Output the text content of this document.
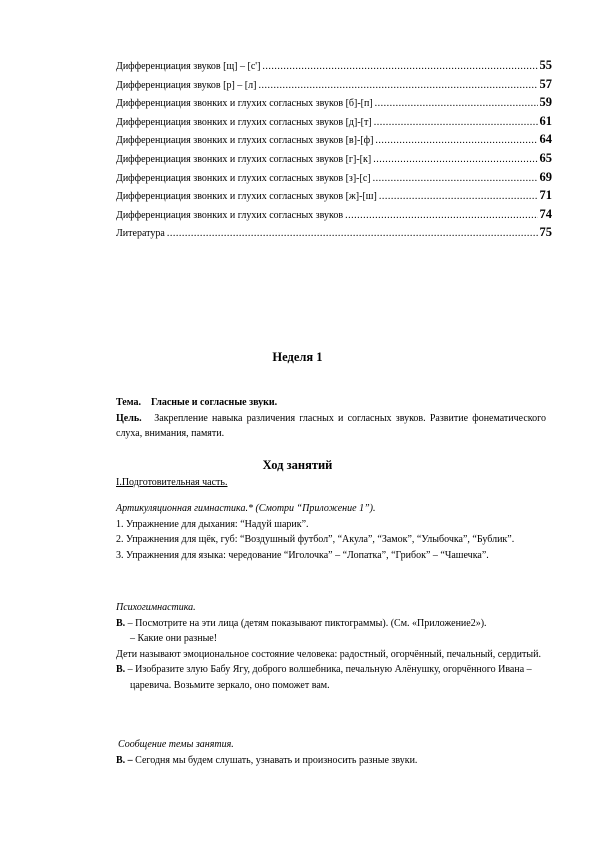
Дифференциация звуков [щ] – [с'] .....	55
Дифференциация звуков [р] – [л] .....	57
Дифференциация звонких и глухих согласных звуков [б]-[п] .....	59
Дифференциация звонких и глухих согласных звуков [д]-[т] .....	61
Дифференциация звонких и глухих согласных звуков [в]-[ф] .....	64
Дифференциация звонких и глухих согласных звуков [г]-[к] .....	65
Дифференциация звонких и глухих согласных звуков [з]-[с] .....	69
Дифференциация звонких и глухих согласных звуков [ж]-[ш] .....	71
Дифференциация звонких и глухих согласных звуков .....	74
Литература .....	75
Неделя 1

Тема. Гласные и согласные звуки.

Цель. Закрепление навыка различения гласных и согласных звуков. Развитие фонематического слуха, внимания, памяти.

Ход занятий

I.Подготовительная часть.

Артикуляционная гимнастика.* (Смотри “Приложение 1”).

1. Упражнение для дыхания: “Надуй шарик”.

2. Упражнения для щёк, губ: “Воздушный футбол”, “Акула”, “Замок”, “Улыбочка”, “Бублик”.

3. Упражнения для языка: чередование “Иголочка” – “Лопатка”, “Грибок” – “Чашечка”.

Психогимнастика.

В. – Посмотрите на эти лица (детям показывают пиктограммы). (См. «Приложение2»).

– Какие они разные!

Дети называют эмоциональное состояние человека: радостный, огорчённый, печальный, сердитый.

В. – Изобразите злую Бабу Ягу, доброго волшебника, печальную Алёнушку, огорчённого Ивана – царевича. Возьмите зеркало, оно поможет вам.

Сообщение темы занятия.

В. – Сегодня мы будем слушать, узнавать и произносить разные звуки.
